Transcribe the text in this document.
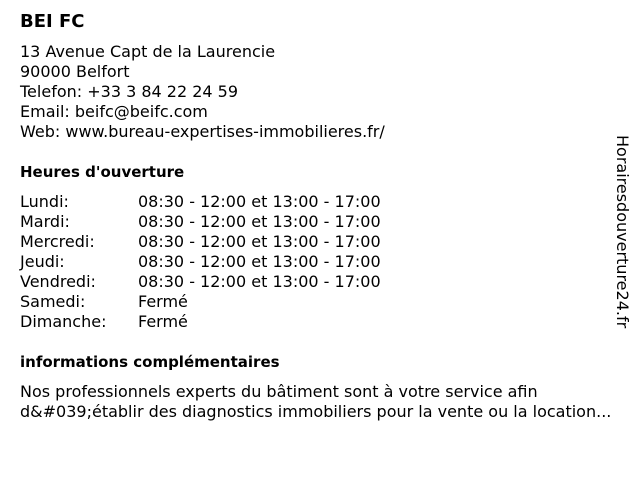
BEI FC
13 Avenue Capt de la Laurencie
90000 Belfort
Telefon: +33 3 84 22 24 59
Email: beifc@beifc.com
Web: www.bureau-expertises-immobilieres.fr/
Heures d'ouverture
Lundi:	08:30 - 12:00 et 13:00 - 17:00
Mardi:	08:30 - 12:00 et 13:00 - 17:00
Mercredi:	08:30 - 12:00 et 13:00 - 17:00
Jeudi:	08:30 - 12:00 et 13:00 - 17:00
Vendredi:	08:30 - 12:00 et 13:00 - 17:00
Samedi:	Fermé
Dimanche:	Fermé
informations complémentaires
Nos professionnels experts du bâtiment sont à votre service afin d&#039;établir des diagnostics immobiliers pour la vente ou la location...
Horairesdouverture24.fr
